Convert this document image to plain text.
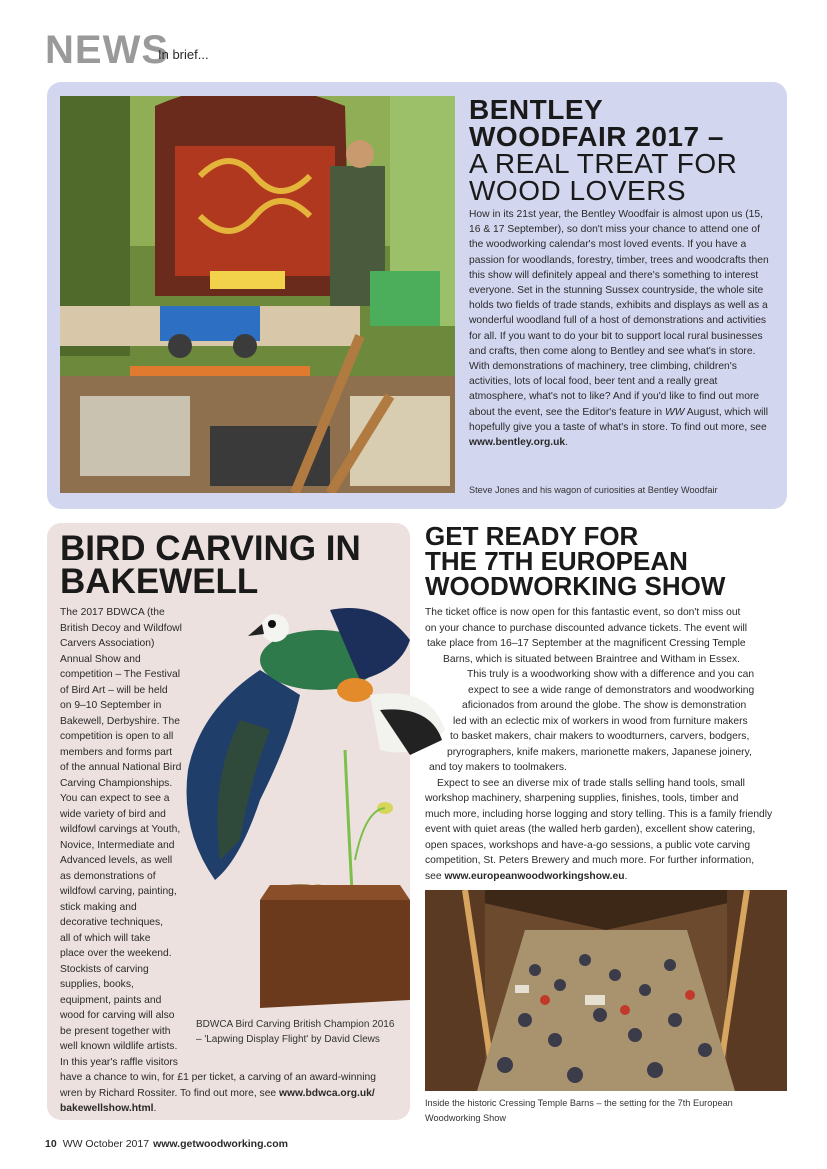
NEWS
In brief...
BENTLEY
WOODFAIR 2017 –
A REAL TREAT FOR
WOOD LOVERS
How in its 21st year, the Bentley Woodfair is almost upon us (15, 16 & 17 September), so don't miss your chance to attend one of the woodworking calendar's most loved events. If you have a passion for woodlands, forestry, timber, trees and woodcrafts then this show will definitely appeal and there's something to interest everyone. Set in the stunning Sussex countryside, the whole site holds two fields of trade stands, exhibits and displays as well as a wonderful woodland full of a host of demonstrations and activities for all. If you want to do your bit to support local rural businesses and crafts, then come along to Bentley and see what's in store. With demonstrations of machinery, tree climbing, children's activities, lots of local food, beer tent and a really great atmosphere, what's not to like? And if you'd like to find out more about the event, see the Editor's feature in WW August, which will hopefully give you a taste of what's in store. To find out more, see www.bentley.org.uk.
Steve Jones and his wagon of curiosities at Bentley Woodfair
BIRD CARVING IN
BAKEWELL
The 2017 BDWCA (the
British Decoy and Wildfowl
Carvers Association)
Annual Show and
competition – The Festival
of Bird Art – will be held
on 9–10 September in
Bakewell, Derbyshire. The
competition is open to all
members and forms part
of the annual National Bird
Carving Championships.
You can expect to see a
wide variety of bird and
wildfowl carvings at Youth,
Novice, Intermediate and
Advanced levels, as well
as demonstrations of
wildfowl carving, painting,
stick making and
decorative techniques,
all of which will take
place over the weekend.
Stockists of carving
supplies, books,
equipment, paints and
wood for carving will also
be present together with
well known wildlife artists.
In this year's raffle visitors
have a chance to win, for £1 per ticket, a carving of an award-winning
wren by Richard Rossiter. To find out more, see www.bdwca.org.uk/
bakewellshow.html.
BDWCA Bird Carving British Champion 2016 – 'Lapwing Display Flight' by David Clews
GET READY FOR
THE 7TH EUROPEAN
WOODWORKING SHOW
The ticket office is now open for this fantastic event, so don't miss out
on your chance to purchase discounted advance tickets. The event will
take place from 16–17 September at the magnificent Cressing Temple
Barns, which is situated between Braintree and Witham in Essex.
This truly is a woodworking show with a difference and you can
expect to see a wide range of demonstrators and woodworking
aficionados from around the globe. The show is demonstration
led with an eclectic mix of workers in wood from furniture makers
to basket makers, chair makers to woodturners, carvers, bodgers,
pryrographers, knife makers, marionette makers, Japanese joinery,
and toy makers to toolmakers.
Expect to see an diverse mix of trade stalls selling hand tools, small
workshop machinery, sharpening supplies, finishes, tools, timber and
much more, including horse logging and story telling. This is a family friendly
event with quiet areas (the walled herb garden), excellent show catering,
open spaces, workshops and have-a-go sessions, a public vote carving
competition, St. Peters Brewery and much more. For further information,
see www.europeanwoodworkingshow.eu.
Inside the historic Cressing Temple Barns – the setting for the 7th European Woodworking Show
10 WW October 2017 www.getwoodworking.com
